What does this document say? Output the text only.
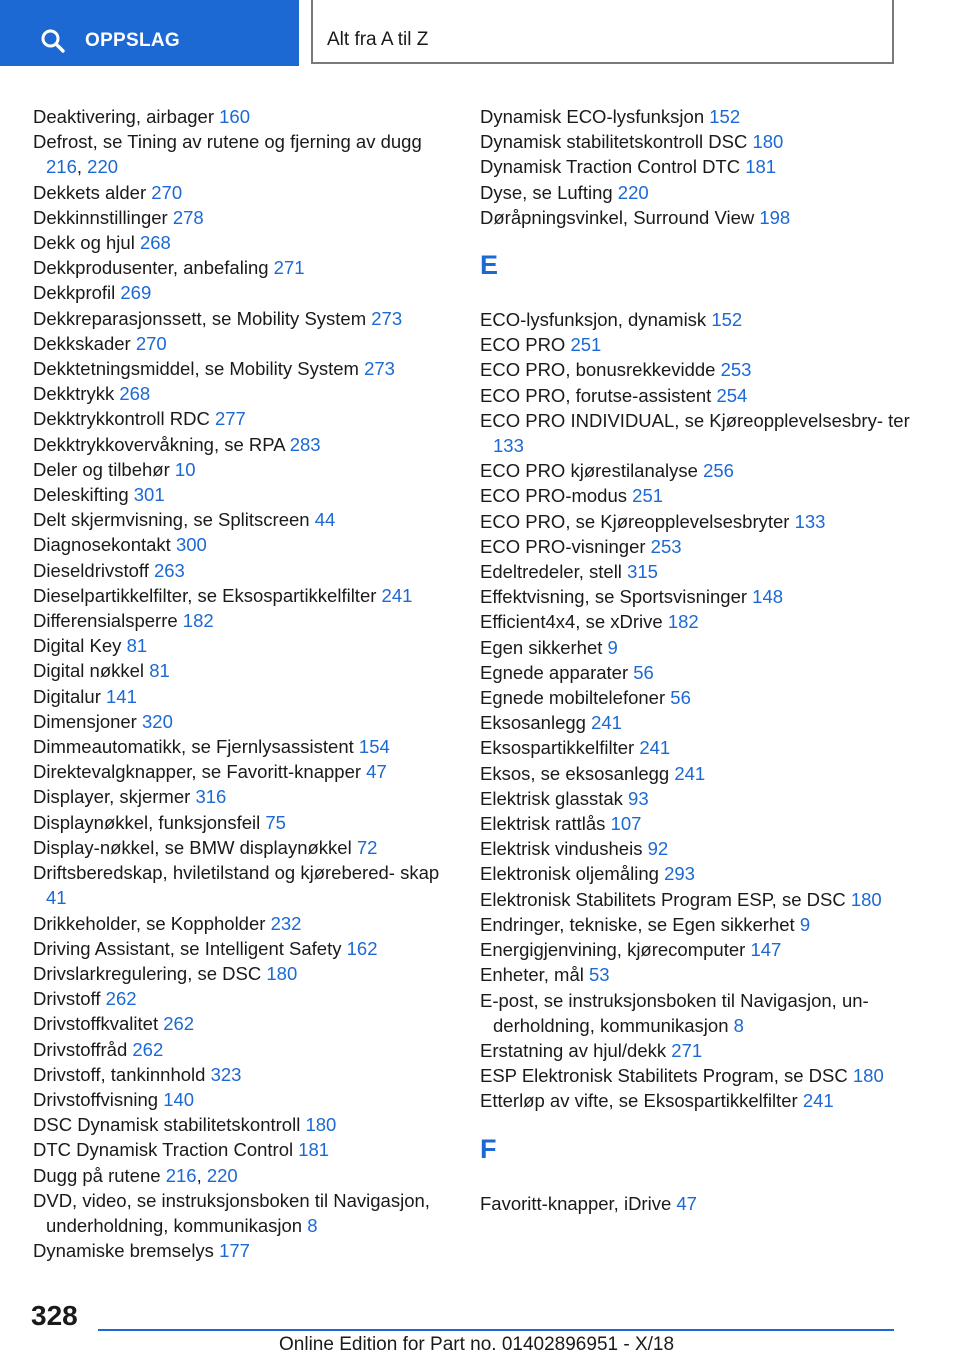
OPPSLAG	Alt fra A til Z

Deaktivering, airbager 160

Defrost, se Tining av rutene og fjerning av dugg 216, 220

Dekkets alder 270

Dekkinnstillinger 278

Dekk og hjul 268

Dekkprodusenter, anbefaling 271

Dekkprofil 269

Dekkreparasjonssett, se Mobility System 273

Dekkskader 270

Dekktetningsmiddel, se Mobility System 273

Dekktrykk 268

Dekktrykkontroll RDC 277

Dekktrykkovervåkning, se RPA 283

Deler og tilbehør 10

Deleskifting 301

Delt skjermvisning, se Splitscreen 44

Diagnosekontakt 300

Dieseldrivstoff 263

Dieselpartikkelfilter, se Eksospartikkelfilter 241

Differensialsperre 182

Digital Key 81

Digital nøkkel 81

Digitalur 141

Dimensjoner 320

Dimmeautomatikk, se Fjernlysassistent 154

Direktevalgknapper, se Favoritt-knapper 47

Displayer, skjermer 316

Displaynøkkel, funksjonsfeil 75

Display-nøkkel, se BMW displaynøkkel 72

Driftsberedskap, hviletilstand og kjørebered‐ skap 41

Drikkeholder, se Koppholder 232

Driving Assistant, se Intelligent Safety 162

Drivslarkregulering, se DSC 180

Drivstoff 262

Drivstoffkvalitet 262

Drivstoffråd 262

Drivstoff, tankinnhold 323

Drivstoffvisning 140

DSC Dynamisk stabilitetskontroll 180

DTC Dynamisk Traction Control 181

Dugg på rutene 216, 220

DVD, video, se instruksjonsboken til Navigasjon, underholdning, kommunikasjon 8

Dynamiske bremselys 177

Dynamisk ECO-lysfunksjon 152

Dynamisk stabilitetskontroll DSC 180

Dynamisk Traction Control DTC 181

Dyse, se Lufting 220

Døråpningsvinkel, Surround View 198

E

ECO-lysfunksjon, dynamisk 152

ECO PRO 251

ECO PRO, bonusrekkevidde 253

ECO PRO, forutse-assistent 254

ECO PRO INDIVIDUAL, se Kjøreopplevelsesbry‐ ter 133

ECO PRO kjørestilanalyse 256

ECO PRO-modus 251

ECO PRO, se Kjøreopplevelsesbryter 133

ECO PRO-visninger 253

Edeltredeler, stell 315

Effektvisning, se Sportsvisninger 148

Efficient4x4, se xDrive 182

Egen sikkerhet 9

Egnede apparater 56

Egnede mobiltelefoner 56

Eksosanlegg 241

Eksospartikkelfilter 241

Eksos, se eksosanlegg 241

Elektrisk glasstak 93

Elektrisk rattlås 107

Elektrisk vindusheis 92

Elektronisk oljemåling 293

Elektronisk Stabilitets Program ESP, se DSC 180

Endringer, tekniske, se Egen sikkerhet 9

Energigjenvining, kjørecomputer 147

Enheter, mål 53

E-post, se instruksjonsboken til Navigasjon, un‐ derholdning, kommunikasjon 8

Erstatning av hjul/dekk 271

ESP Elektronisk Stabilitets Program, se DSC 180

Etterløp av vifte, se Eksospartikkelfilter 241

F

Favoritt-knapper, iDrive 47

328
Online Edition for Part no. 01402896951 - X/18
